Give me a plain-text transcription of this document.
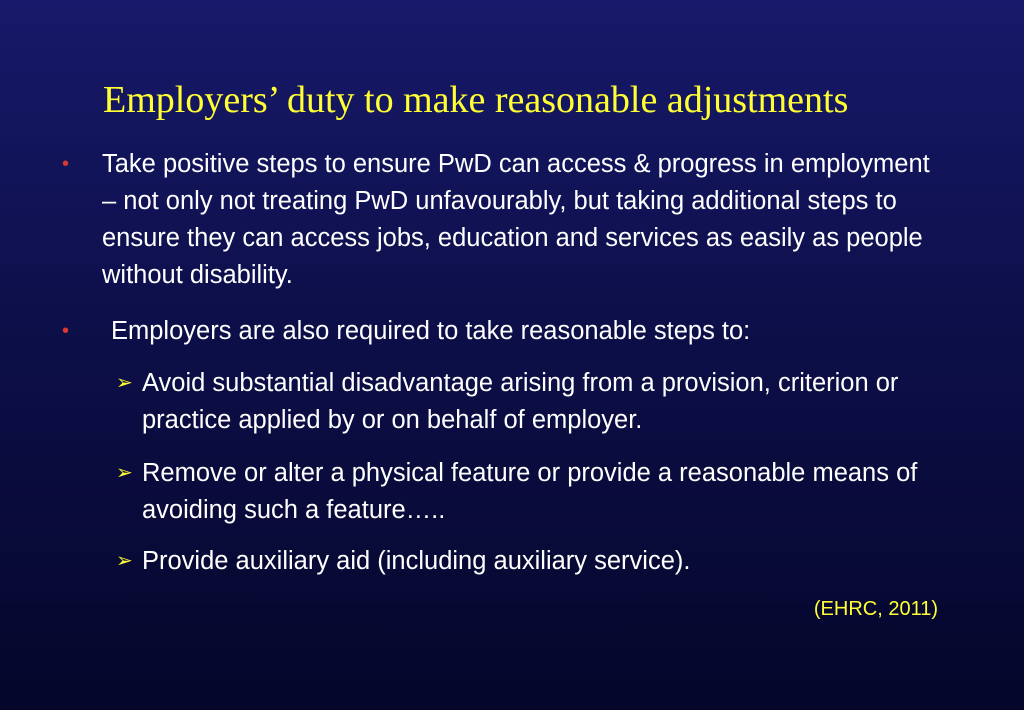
Employers’ duty to make reasonable adjustments
•	Take positive steps to ensure PwD can access & progress in employment – not only not treating PwD unfavourably, but taking additional steps to ensure they can access jobs, education and services as easily as people without disability.
•	Employers are also required to take reasonable steps to:
➢ Avoid substantial disadvantage arising from a provision, criterion or practice applied by or on behalf of employer.
➢ Remove or alter a physical feature or provide a reasonable means of avoiding such a feature…..
➢ Provide auxiliary aid (including auxiliary service).
(EHRC, 2011)
